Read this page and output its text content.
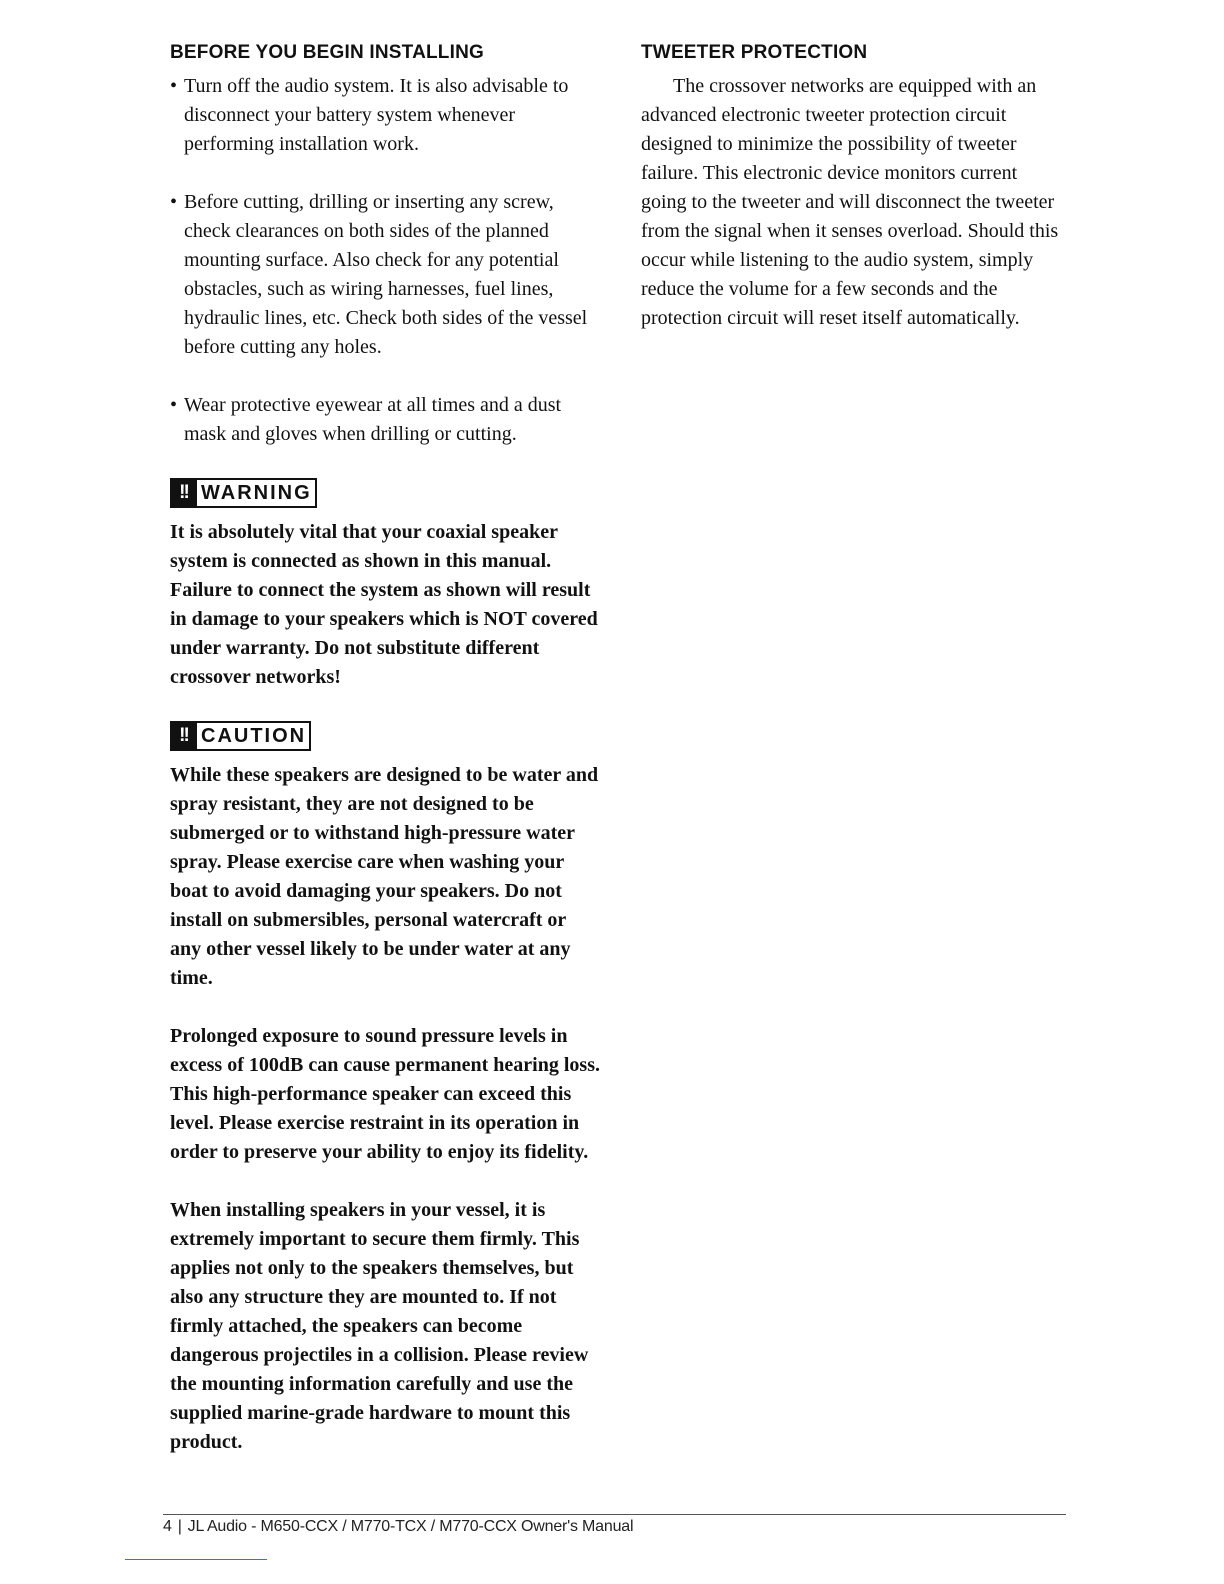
BEFORE YOU BEGIN INSTALLING
• Turn off the audio system. It is also advisable to disconnect your battery system whenever performing installation work.
• Before cutting, drilling or inserting any screw, check clearances on both sides of the planned mounting surface. Also check for any potential obstacles, such as wiring harnesses, fuel lines, hydraulic lines, etc. Check both sides of the vessel before cutting any holes.
• Wear protective eyewear at all times and a dust mask and gloves when drilling or cutting.
!! WARNING

It is absolutely vital that your coaxial speaker system is connected as shown in this manual. Failure to connect the system as shown will result in damage to your speakers which is NOT covered under warranty. Do not substitute different crossover networks!

!! CAUTION

While these speakers are designed to be water and spray resistant, they are not designed to be submerged or to withstand high-pressure water spray. Please exercise care when washing your boat to avoid damaging your speakers. Do not install on submersibles, personal watercraft or any other vessel likely to be under water at any time.

Prolonged exposure to sound pressure levels in excess of 100dB can cause permanent hearing loss. This high-performance speaker can exceed this level. Please exercise restraint in its operation in order to preserve your ability to enjoy its fidelity.

When installing speakers in your vessel, it is extremely important to secure them firmly. This applies not only to the speakers themselves, but also any structure they are mounted to. If not firmly attached, the speakers can become dangerous projectiles in a collision. Please review the mounting information carefully and use the supplied marine-grade hardware to mount this product.

TWEETER PROTECTION

The crossover networks are equipped with an advanced electronic tweeter protection circuit designed to minimize the possibility of tweeter failure. This electronic device monitors current going to the tweeter and will disconnect the tweeter from the signal when it senses overload. Should this occur while listening to the audio system, simply reduce the volume for a few seconds and the protection circuit will reset itself automatically.

4 | JL Audio - M650-CCX / M770-TCX / M770-CCX Owner's Manual
